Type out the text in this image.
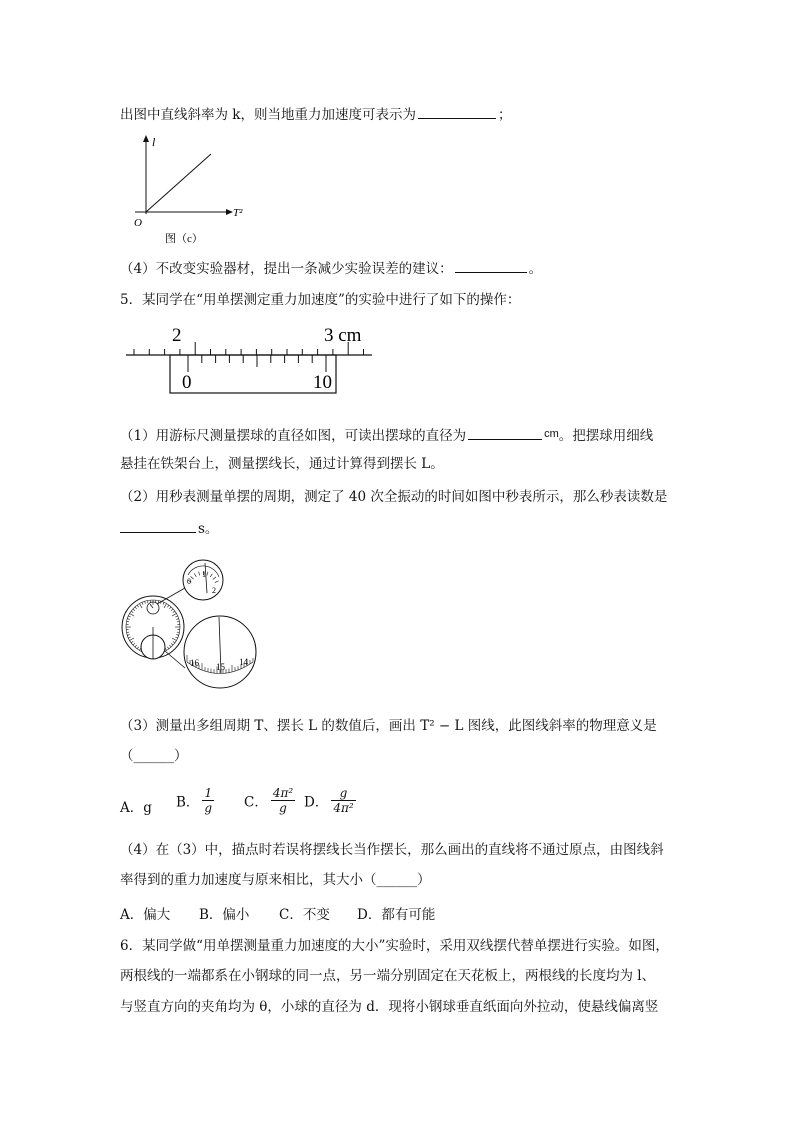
出图中直线斜率为 k，则当地重力加速度可表示为	；
l
T²
O
图（c）
（4）不改变实验器材，提出一条减少实验误差的建议：	。
5．某同学在“用单摆测定重力加速度”的实验中进行了如下的操作：
2	3 cm
0	10
（1）用游标尺测量摆球的直径如图，可读出摆球的直径为	$^{cm}$。把摆球用细线
悬挂在铁架台上，测量摆线长，通过计算得到摆长 L。
（2）用秒表测量单摆的周期，测定了 40 次全振动的时间如图中秒表所示，那么秒表读数是
s。
0
1
2
16 15 14
（3）测量出多组周期 T、摆长 L 的数值后，画出 T² − L 图线，此图线斜率的物理意义是
（______）
A．g B． $\frac{1}{g}$ C． $\frac{\text{4π²}}{g}$ D． $\frac{g}{\text{4π²}}$
（4）在（3）中，描点时若误将摆线长当作摆长，那么画出的直线将不通过原点，由图线斜
率得到的重力加速度与原来相比，其大小（______）
A．偏大 B．偏小 C．不变 D．都有可能
6．某同学做“用单摆测量重力加速度的大小”实验时，采用双线摆代替单摆进行实验。如图，
两根线的一端都系在小钢球的同一点，另一端分别固定在天花板上，两根线的长度均为 l、
与竖直方向的夹角均为 θ，小球的直径为 d．现将小钢球垂直纸面向外拉动，使悬线偏离竖
